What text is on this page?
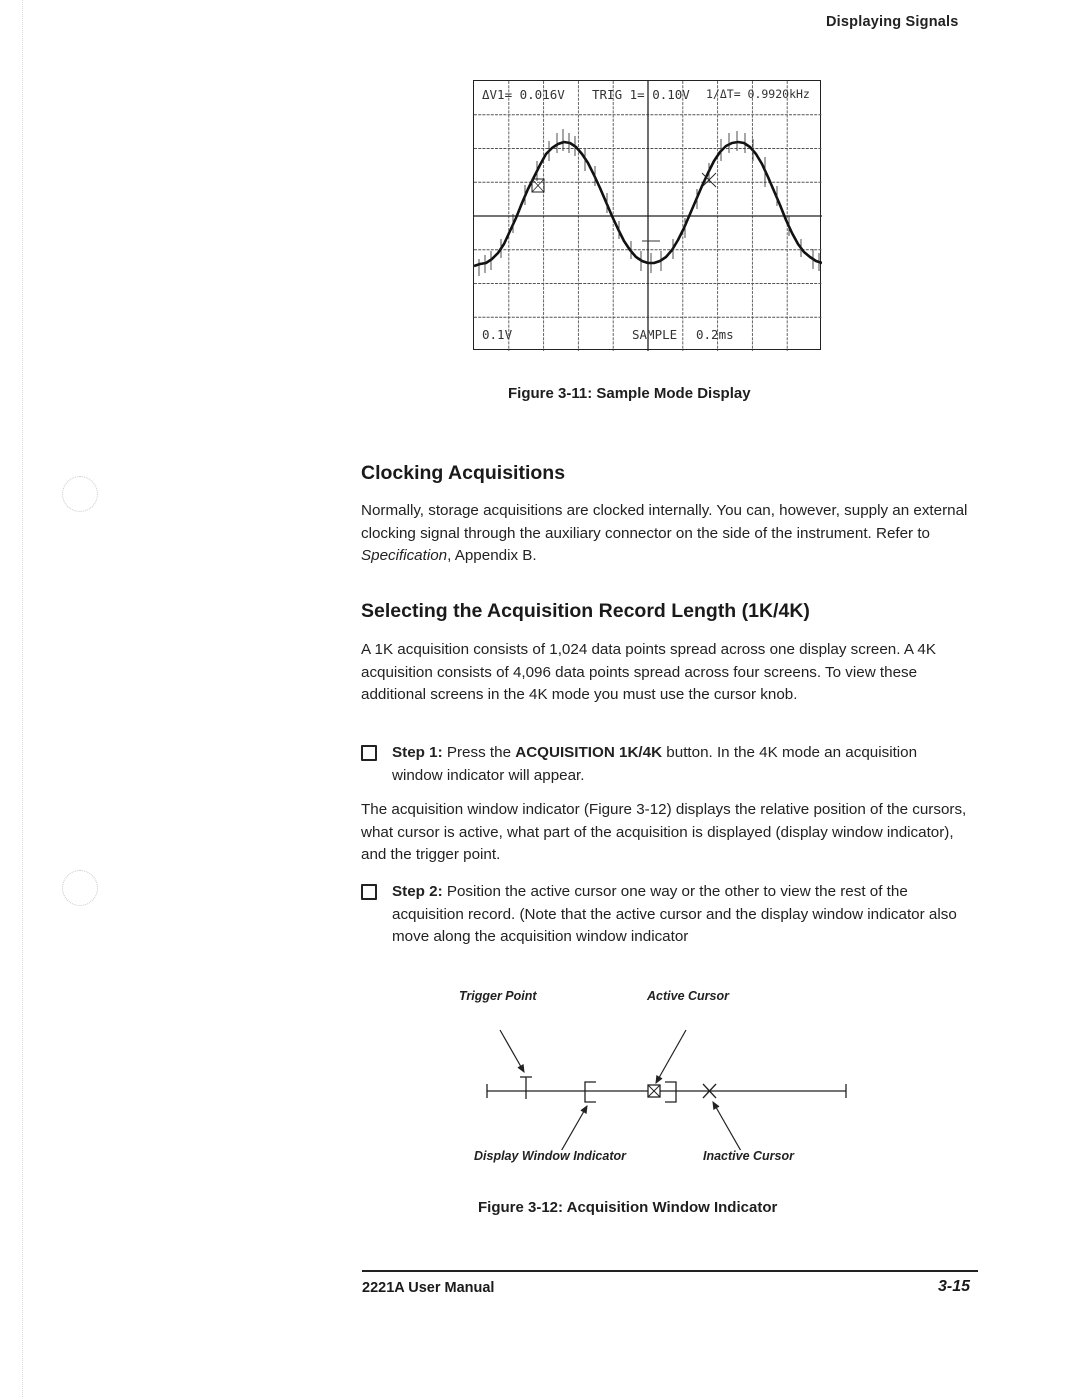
Displaying Signals
ΔV1= 0.016V TRIG 1= 0.10V 1/ΔT= 0.9920kHz
0.1V	SAMPLE 0.2ms
Figure 3-11: Sample Mode Display
Clocking Acquisitions
Normally, storage acquisitions are clocked internally. You can, however, supply an external clocking signal through the auxiliary connector on the side of the instrument. Refer to Specification, Appendix B.
Selecting the Acquisition Record Length (1K/4K)
A 1K acquisition consists of 1,024 data points spread across one display screen. A 4K acquisition consists of 4,096 data points spread across four screens. To view these additional screens in the 4K mode you must use the cursor knob.
Step 1: Press the ACQUISITION 1K/4K button. In the 4K mode an acquisition window indicator will appear.
The acquisition window indicator (Figure 3-12) displays the relative position of the cursors, what cursor is active, what part of the acquisition is displayed (display window indicator), and the trigger point.
Step 2: Position the active cursor one way or the other to view the rest of the acquisition record. (Note that the active cursor and the display window indicator also move along the acquisition window indicator
Trigger Point	Active Cursor
Display Window Indicator	Inactive Cursor
Figure 3-12: Acquisition Window Indicator
2221A User Manual	3-15
